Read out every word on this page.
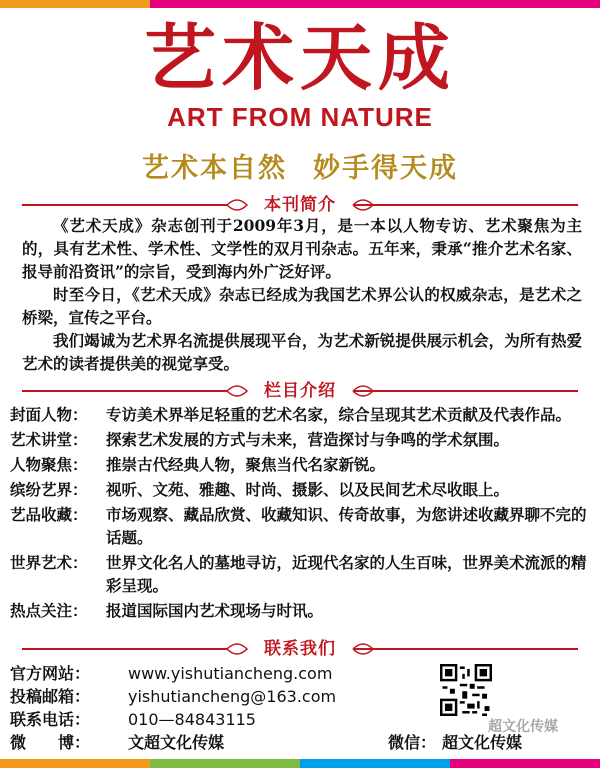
艺术天成
ART FROM NATURE
艺术本自然 妙手得天成
本刊简介

《艺术天成》杂志创刊于2009年3月，是一本以人物专访、艺术聚焦为主的，具有艺术性、学术性、文学性的双月刊杂志。五年来，秉承“推介艺术名家、报导前沿资讯”的宗旨，受到海内外广泛好评。

时至今日，《艺术天成》杂志已经成为我国艺术界公认的权威杂志，是艺术之桥梁，宣传之平台。

我们竭诚为艺术界名流提供展现平台，为艺术新锐提供展示机会，为所有热爱艺术的读者提供美的视觉享受。

栏目介绍
封面人物：	专访美术界举足轻重的艺术名家，综合呈现其艺术贡献及代表作品。
艺术讲堂：	探索艺术发展的方式与未来，营造探讨与争鸣的学术氛围。
人物聚焦：	推崇古代经典人物，聚焦当代名家新锐。
缤纷艺界：	视听、文苑、雅趣、时尚、摄影、以及民间艺术尽收眼上。
艺品收藏：	市场观察、藏品欣赏、收藏知识、传奇故事，为您讲述收藏界聊不完的话题。
世界艺术：	世界文化名人的墓地寻访，近现代名家的人生百味，世界美术流派的精彩呈现。
热点关注：	报道国际国内艺术现场与时讯。
联系我们
官方网站：	www.yishutiancheng.com
投稿邮箱：	yishutiancheng@163.com
联系电话：	010—84843115
微　　博：	文超文化传媒	微信： 超文化传媒
超文化传媒
